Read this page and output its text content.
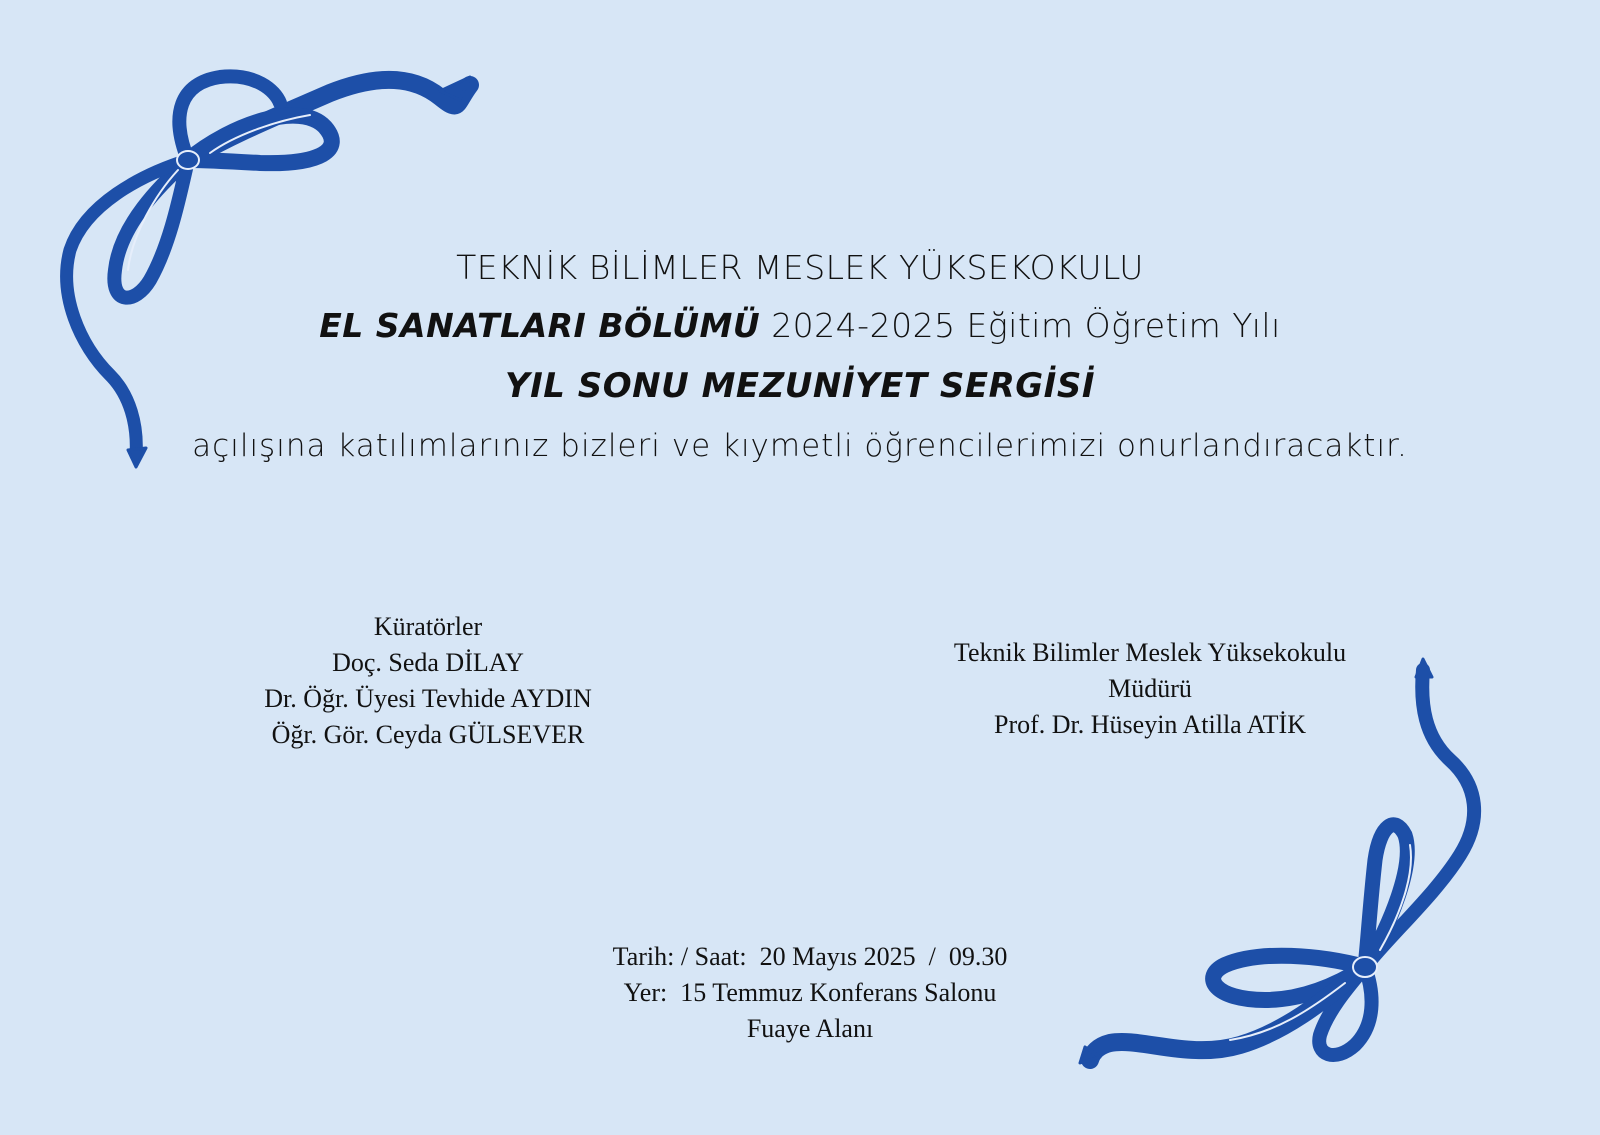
TEKNİK BİLİMLER MESLEK YÜKSEKOKULU
EL SANATLARI BÖLÜMÜ 2024-2025 Eğitim Öğretim Yılı
YIL SONU MEZUNİYET SERGİSİ
açılışına katılımlarınız bizleri ve kıymetli öğrencilerimizi onurlandıracaktır.
Küratörler
Doç. Seda DİLAY
Dr. Öğr. Üyesi Tevhide AYDIN
Öğr. Gör. Ceyda GÜLSEVER
Teknik Bilimler Meslek Yüksekokulu
Müdürü
Prof. Dr. Hüseyin Atilla ATİK
Tarih: / Saat:  20 Mayıs 2025  /  09.30
Yer:  15 Temmuz Konferans Salonu
Fuaye Alanı
